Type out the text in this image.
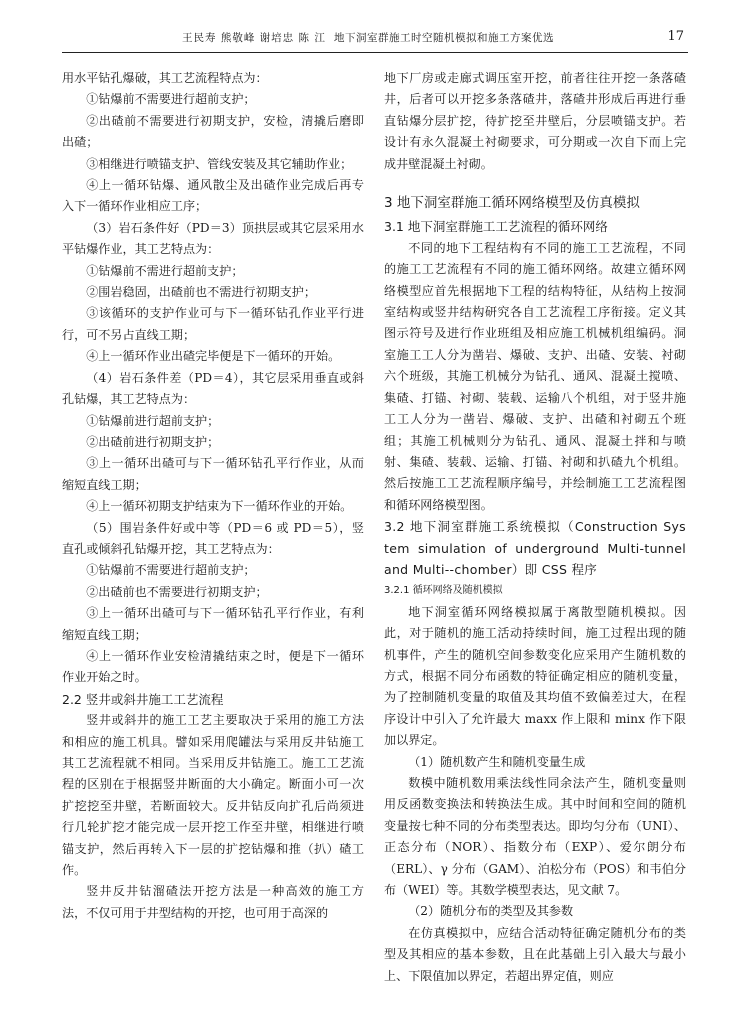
王民寿 熊敬峰 谢培忠 陈 江 地下洞室群施工时空随机模拟和施工方案优选	17

用水平钻孔爆破，其工艺流程特点为：

①钻爆前不需要进行超前支护；

②出碴前不需要进行初期支护，安检，清撬后磨即出碴；

③相继进行喷锚支护、管线安装及其它辅助作业；

④上一循环钻爆、通风散尘及出碴作业完成后再专入下一循环作业相应工序；

（3）岩石条件好（PD＝3）顶拱层或其它层采用水平钻爆作业，其工艺特点为：

①钻爆前不需进行超前支护；

②围岩稳固，出碴前也不需进行初期支护；

③该循环的支护作业可与下一循环钻孔作业平行进行，可不另占直线工期；

④上一循环作业出碴完毕便是下一循环的开始。

（4）岩石条件差（PD＝4），其它层采用垂直或斜孔钻爆，其工艺特点为：

①钻爆前进行超前支护；

②出碴前进行初期支护；

③上一循环出碴可与下一循环钻孔平行作业，从而缩短直线工期；

④上一循环初期支护结束为下一循环作业的开始。

（5）围岩条件好或中等（PD＝6 或 PD＝5），竖直孔或倾斜孔钻爆开挖，其工艺特点为：

①钻爆前不需要进行超前支护；

②出碴前也不需要进行初期支护；

③上一循环出碴可与下一循环钻孔平行作业，有利缩短直线工期；

④上一循环作业安检清撬结束之时，便是下一循环作业开始之时。

2.2 竖井或斜井施工工艺流程

竖井或斜井的施工工艺主要取决于采用的施工方法和相应的施工机具。譬如采用爬罐法与采用反井钻施工其工艺流程就不相同。当采用反井钻施工。施工工艺流程的区别在于根据竖井断面的大小确定。断面小可一次扩挖挖至井壁，若断面较大。反井钻反向扩孔后尚须进行几轮扩挖才能完成一层开挖工作至井壁，相继进行喷锚支护，然后再转入下一层的扩挖钻爆和推（扒）碴工作。

竖井反井钻溜碴法开挖方法是一种高效的施工方法，不仅可用于井型结构的开挖，也可用于高深的

地下厂房或走廊式调压室开挖，前者往往开挖一条落碴井，后者可以开挖多条落碴井，落碴井形成后再进行垂直钻爆分层扩挖，待扩挖至井壁后，分层喷锚支护。若设计有永久混凝土衬砌要求，可分期或一次自下而上完成井壁混凝土衬砌。

3 地下洞室群施工循环网络模型及仿真模拟

3.1 地下洞室群施工工艺流程的循环网络

不同的地下工程结构有不同的施工工艺流程，不同的施工工艺流程有不同的施工循环网络。故建立循环网络模型应首先根据地下工程的结构特征，从结构上按洞室结构或竖井结构研究各自工艺流程工序衔接。定义其图示符号及进行作业班组及相应施工机械机组编码。洞室施工工人分为凿岩、爆破、支护、出碴、安装、衬砌六个班级，其施工机械分为钻孔、通风、混凝土搅喷、集碴、打锚、衬砌、装载、运输八个机组，对于竖井施工工人分为一凿岩、爆破、支护、出碴和衬砌五个班组；其施工机械则分为钻孔、通风、混凝土拌和与喷射、集碴、装载、运输、打锚、衬砌和扒碴九个机组。然后按施工工艺流程顺序编号，并绘制施工工艺流程图和循环网络模型图。

3.2 地下洞室群施工系统模拟（Construction Sys tem simulation of underground Multi-tunnel and Multi--chomber）即 CSS 程序

3.2.1 循环网络及随机模拟

地下洞室循环网络模拟属于离散型随机模拟。因此，对于随机的施工活动持续时间，施工过程出现的随机事件，产生的随机空间参数变化应采用产生随机数的方式，根据不同分布函数的特征确定相应的随机变量，为了控制随机变量的取值及其均值不致偏差过大，在程序设计中引入了允许最大 maxx 作上限和 minx 作下限加以界定。

（1）随机数产生和随机变量生成

数模中随机数用乘法线性同余法产生，随机变量则用反函数变换法和转换法生成。其中时间和空间的随机变量按七种不同的分布类型表达。即均匀分布（UNI）、正态分布（NOR）、指数分布（EXP）、爱尔朗分布（ERL）、γ 分布（GAM）、泊松分布（POS）和韦伯分布（WEI）等。其数学模型表达，见文献 7。

（2）随机分布的类型及其参数

在仿真模拟中，应结合活动特征确定随机分布的类型及其相应的基本参数，且在此基础上引入最大与最小上、下限值加以界定，若超出界定值，则应
